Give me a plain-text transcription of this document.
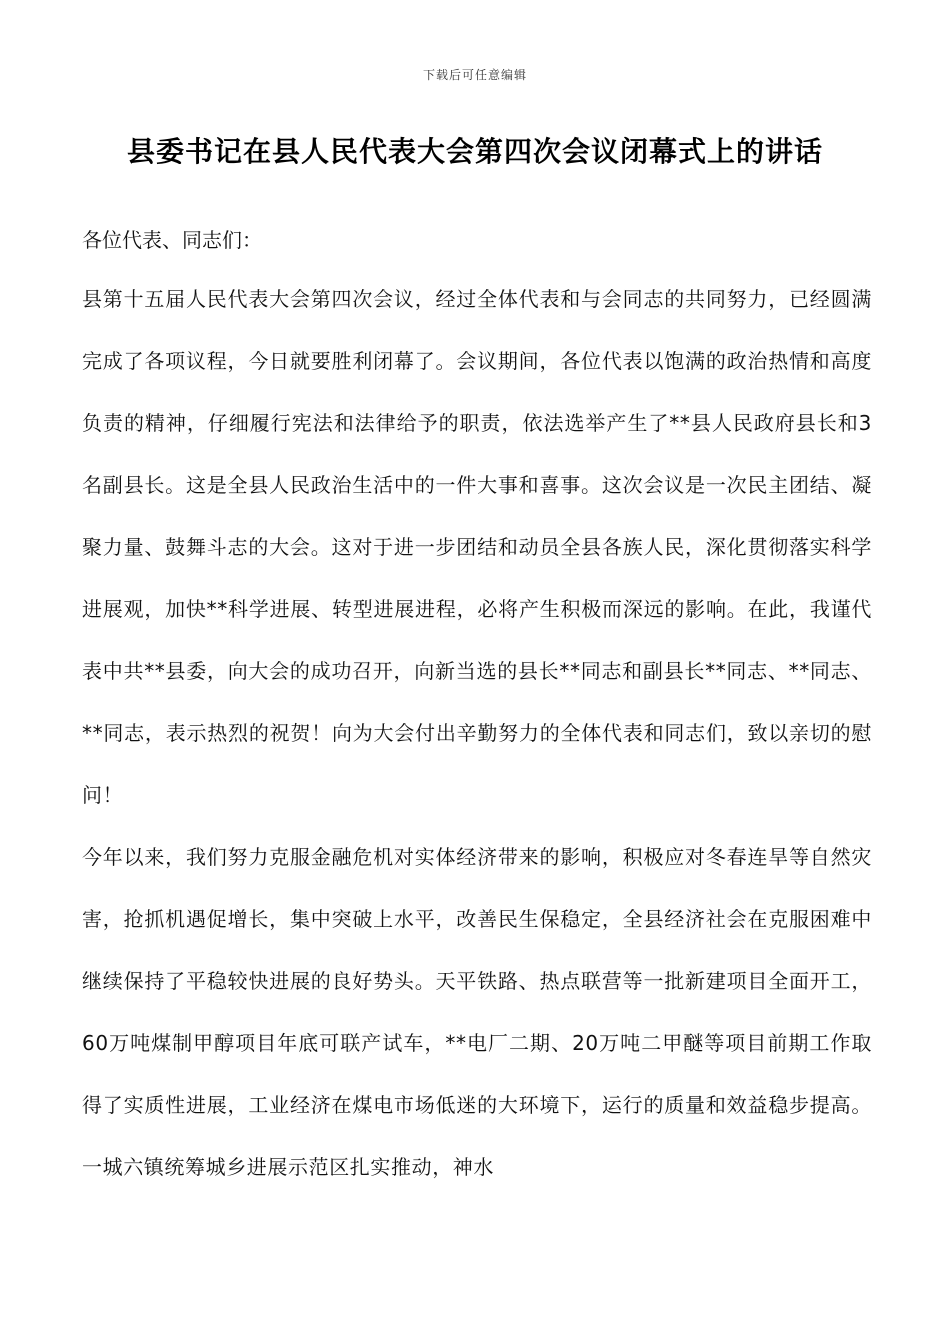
下载后可任意编辑
县委书记在县人民代表大会第四次会议闭幕式上的讲话

各位代表、同志们：

县第十五届人民代表大会第四次会议，经过全体代表和与会同志的共同努力，已经圆满完成了各项议程，今日就要胜利闭幕了。会议期间，各位代表以饱满的政治热情和高度负责的精神，仔细履行宪法和法律给予的职责，依法选举产生了**县人民政府县长和3名副县长。这是全县人民政治生活中的一件大事和喜事。这次会议是一次民主团结、凝聚力量、鼓舞斗志的大会。这对于进一步团结和动员全县各族人民，深化贯彻落实科学进展观，加快**科学进展、转型进展进程，必将产生积极而深远的影响。在此，我谨代表中共**县委，向大会的成功召开，向新当选的县长**同志和副县长**同志、**同志、**同志，表示热烈的祝贺！向为大会付出辛勤努力的全体代表和同志们，致以亲切的慰问！

今年以来，我们努力克服金融危机对实体经济带来的影响，积极应对冬春连旱等自然灾害，抢抓机遇促增长，集中突破上水平，改善民生保稳定，全县经济社会在克服困难中继续保持了平稳较快进展的良好势头。天平铁路、热点联营等一批新建项目全面开工，60万吨煤制甲醇项目年底可联产试车，**电厂二期、20万吨二甲醚等项目前期工作取得了实质性进展，工业经济在煤电市场低迷的大环境下，运行的质量和效益稳步提高。一城六镇统筹城乡进展示范区扎实推动，神水
